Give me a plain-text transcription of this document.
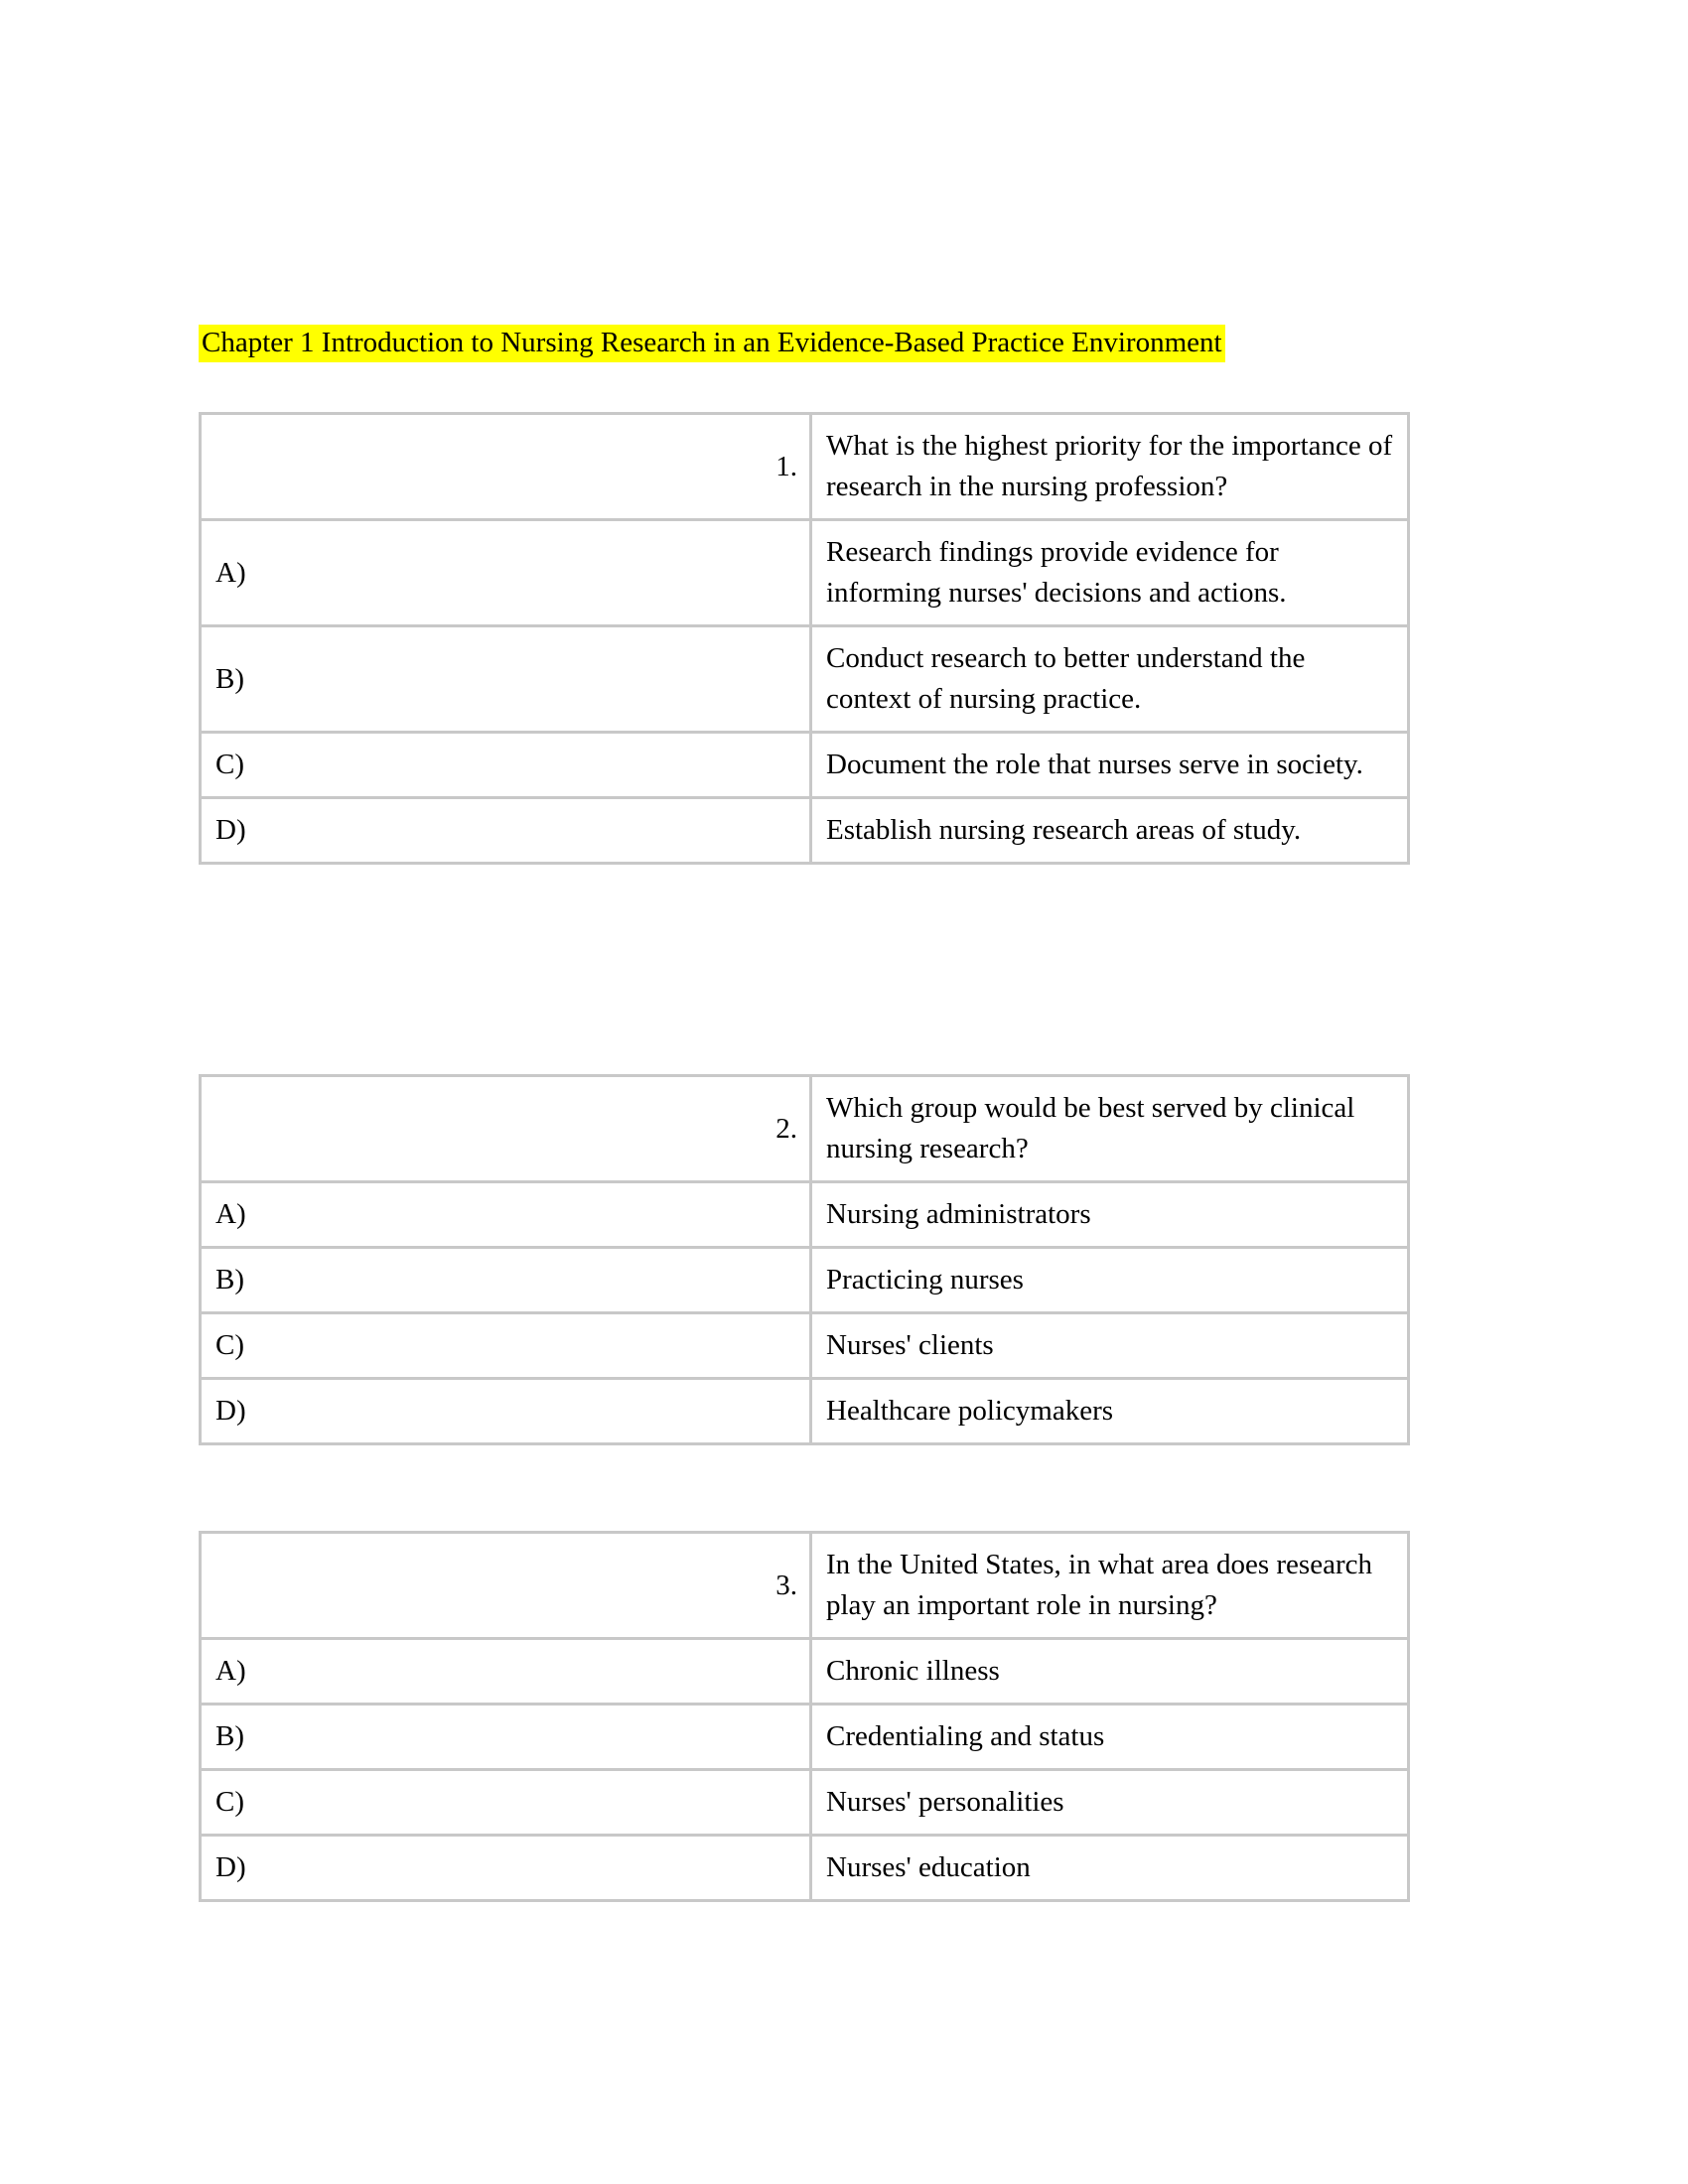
Chapter 1 Introduction to Nursing Research in an Evidence-Based Practice Environment
1.	What is the highest priority for the importance of research in the nursing profession?
A)	Research findings provide evidence for informing nurses' decisions and actions.
B)	Conduct research to better understand the context of nursing practice.
C)	Document the role that nurses serve in society.
D)	Establish nursing research areas of study.
2.	Which group would be best served by clinical nursing research?
A)	Nursing administrators
B)	Practicing nurses
C)	Nurses' clients
D)	Healthcare policymakers
3.	In the United States, in what area does research play an important role in nursing?
A)	Chronic illness
B)	Credentialing and status
C)	Nurses' personalities
D)	Nurses' education
